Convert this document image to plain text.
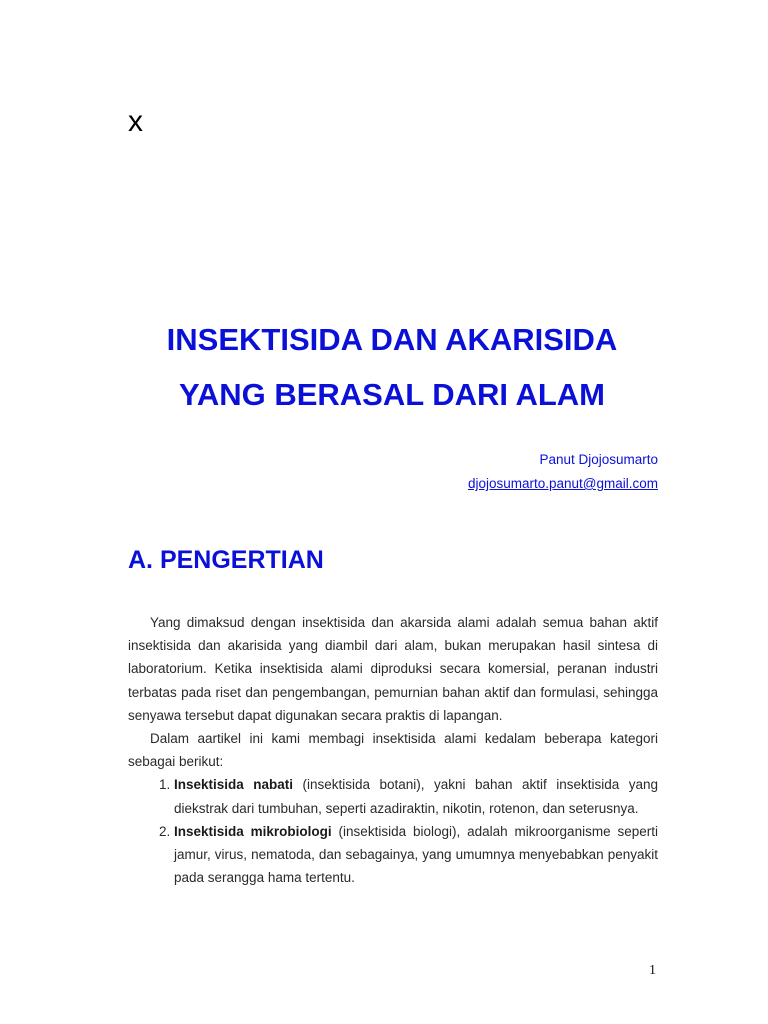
x
INSEKTISIDA DAN AKARISIDA
YANG BERASAL DARI ALAM
Panut Djojosumarto
djojosumarto.panut@gmail.com
A. PENGERTIAN

Yang dimaksud dengan insektisida dan akarsida alami adalah semua bahan aktif insektisida dan akarisida yang diambil dari alam, bukan merupakan hasil sintesa di laboratorium. Ketika insektisida alami diproduksi secara komersial, peranan industri terbatas pada riset dan pengembangan, pemurnian bahan aktif dan formulasi, sehingga senyawa tersebut dapat digunakan secara praktis di lapangan.

Dalam aartikel ini kami membagi insektisida alami kedalam beberapa kategori sebagai berikut:

1. Insektisida nabati (insektisida botani), yakni bahan aktif insektisida yang diekstrak dari tumbuhan, seperti azadiraktin, nikotin, rotenon, dan seterusnya.
2. Insektisida mikrobiologi (insektisida biologi), adalah mikroorganisme seperti jamur, virus, nematoda, dan sebagainya, yang umumnya menyebabkan penyakit pada serangga hama tertentu.
1
